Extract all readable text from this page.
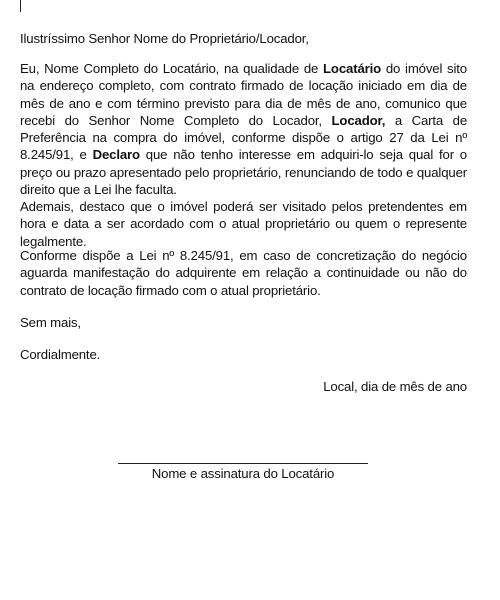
Ilustríssimo Senhor Nome do Proprietário/Locador,
Eu, Nome Completo do Locatário, na qualidade de Locatário do imóvel sito na endereço completo, com contrato firmado de locação iniciado em dia de mês de ano e com término previsto para dia de mês de ano, comunico que recebi do Senhor Nome Completo do Locador, Locador, a Carta de Preferência na compra do imóvel, conforme dispõe o artigo 27 da Lei nº 8.245/91, e Declaro que não tenho interesse em adquiri-lo seja qual for o preço ou prazo apresentado pelo proprietário, renunciando de todo e qualquer direito que a Lei lhe faculta.
Ademais, destaco que o imóvel poderá ser visitado pelos pretendentes em hora e data a ser acordado com o atual proprietário ou quem o represente legalmente.
Conforme dispõe a Lei nº 8.245/91, em caso de concretização do negócio aguarda manifestação do adquirente em relação a continuidade ou não do contrato de locação firmado com o atual proprietário.
Sem mais,
Cordialmente.
Local, dia de mês de ano
Nome e assinatura do Locatário
